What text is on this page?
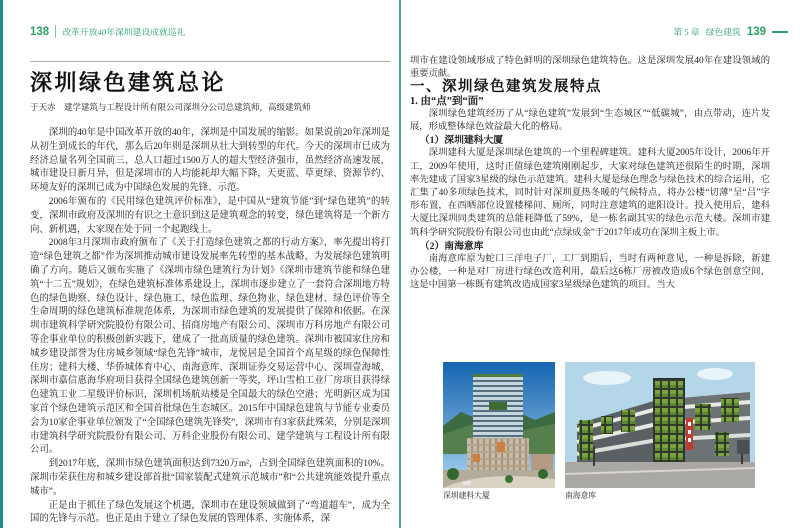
138 改革开放40年深圳建设成就巡礼	第 5 章 绿色建筑 139
深圳绿色建筑总论
于天赤　建学建筑与工程设计所有限公司深圳分公司总建筑师，高级建筑师

深圳的40年是中国改革开放的40年，深圳是中国发展的缩影。如果说前20年深圳是从初生到成长的年代，那么后20年则是深圳从壮大到转型的年代。今天的深圳市已成为经济总量名列全国前三、总人口超过1500万人的超大型经济强市，虽然经济高速发展，城市建设日新月异，但是深圳市的人均能耗却大幅下降，天更蓝、草更绿、资源节约、环境友好的深圳已成为中国绿色发展的先锋、示范。

2006年颁布的《民用绿色建筑评价标准》，是中国从“建筑节能”到“绿色建筑”的转变，深圳市政府及深圳的有识之士意识到这是建筑观念的转变，绿色建筑将是一个新方向、新机遇，大家现在处于同一个起跑线上。

2008年3月深圳市政府颁布了《关于打造绿色建筑之都的行动方案》，率先提出将打造“绿色建筑之都”作为深圳推动城市建设发展率先转型的基本战略，为发展绿色建筑明确了方向。随后又颁布实施了《深圳市绿色建筑行为计划》《深圳市建筑节能和绿色建筑“十二五”规划》，在绿色建筑标准体系建设上，深圳市逐步建立了一套符合深圳地方特色的绿色勘察、绿色设计、绿色施工、绿色监理、绿色物业、绿色建材、绿色评价等全生命周期的绿色建筑标准规范体系，为深圳市绿色建筑的发展提供了保障和依据。在深圳市建筑科学研究院股份有限公司、招商房地产有限公司、深圳市万科房地产有限公司等企事业单位的积极创新实践下，建成了一批高质量的绿色建筑。深圳市被国家住房和城乡建设部誉为住房城乡领域“绿色先锋”城市，龙悦居是全国首个高星级的绿色保障性住房；建科大楼、华侨城体育中心、南海意库、深圳证券交易运营中心、深圳壹海城、深圳市嘉信惠海华府项目获得全国绿色建筑创新一等奖，坪山雪柏工业厂房项目获得绿色建筑工业二星级评价标识，深圳机场航站楼是全国最大的绿色空港；光明新区成为国家首个绿色建筑示范区和全国首批绿色生态城区。2015年中国绿色建筑与节能专业委员会为10家企事业单位颁发了“全国绿色建筑先锋奖”，深圳市有3家获此殊荣，分别是深圳市建筑科学研究院股份有限公司、万科企业股份有限公司、建学建筑与工程设计所有限公司。

到2017年底，深圳市绿色建筑面积达到7320万m²，占到全国绿色建筑面积的10%。深圳市荣获住房和城乡建设部首批“国家装配式建筑示范城市”和“公共建筑能效提升重点城市”。

正是由于抓住了绿色发展这个机遇，深圳市在建设领域做到了“弯道超车”，成为全国的先锋与示范。也正是由于建立了绿色发展的管理体系、实施体系，深

圳市在建设领域形成了特色鲜明的深圳绿色建筑特色。这是深圳发展40年在建设领域的重要贡献。

一、深圳绿色建筑发展特点

1. 由“点”到“面”

深圳绿色建筑经历了从“绿色建筑”发展到“生态城区”“低碳城”，由点带动，连片发展，形成整体绿色效益最大化的格局。

（1）深圳建科大厦

深圳建科大厦是深圳绿色建筑的一个里程碑建筑。建科大厦2005年设计，2006年开工，2009年使用，这时正值绿色建筑刚刚起步，大家对绿色建筑还很陌生的时期，深圳率先建成了国家3星级的绿色示范建筑。建科大厦是绿色理念与绿色技术的综合运用，它汇集了40多项绿色技术，同时针对深圳夏热冬暖的气候特点，将办公楼“切薄”呈“吕”字形布置，在西晒部位设置楼梯间、厕所，同时注意建筑的遮阳设计。投入使用后，建科大厦比深圳同类建筑的总能耗降低了59%，是一栋名副其实的绿色示范大楼。深圳市建筑科学研究院股份有限公司也由此“点绿成金”于2017年成功在深圳主板上市。

（2）南海意库

南海意库原为蛇口三洋电子厂，工厂到期后，当时有两种意见，一种是拆除，新建办公楼，一种是对厂房进行绿色改造利用，最后这6栋厂房被改造成6个绿色创意空间，这是中国第一栋既有建筑改造成国家3星级绿色建筑的项目。当大

深圳建科大厦	南海意库
